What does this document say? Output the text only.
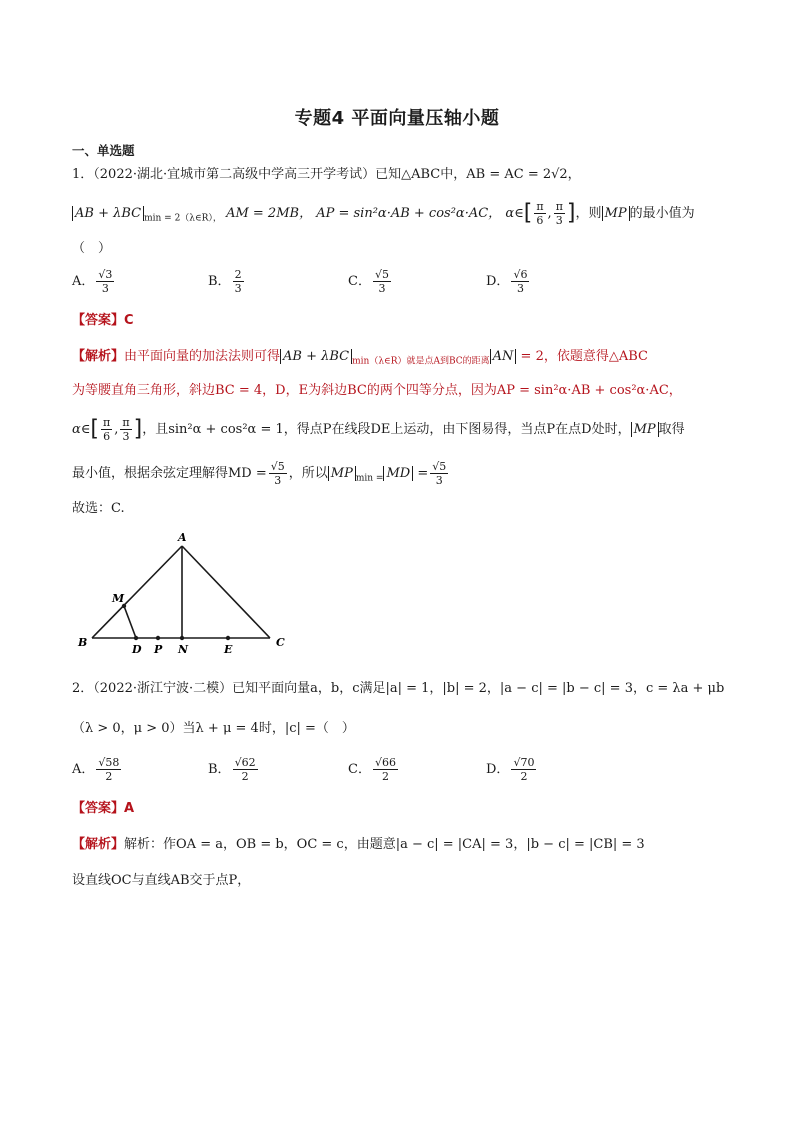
专题4 平面向量压轴小题
一、单选题
1．（2022·湖北·宜城市第二高级中学高三开学考试）已知△ABC中，AB = AC = 2√2，
AB + λBC $_{min = 2(\lambda\in R),}$ AM = 2MB， AP = sin²α·AB + cos²α·AC， α∈[ $\frac{\pi}{6}$ , $\frac{\pi}{3}$ ]，则 MP 的最小值为
（　）
A． $\frac{√3}{3}$	B． $\frac{2}{3}$	C． $\frac{√5}{3}$	D． $\frac{√6}{3}$
【答案】C
【解析】由平面向量的加法法则可得 AB + λBC $_{min(\lambda\in R)就是点A到BC的距离}$ AN = 2，依题意得△ABC
为等腰直角三角形，斜边BC = 4，D，E为斜边BC的两个四等分点，因为AP = sin²α·AB + cos²α·AC，
α∈[ $\frac{\pi}{6}$ , $\frac{\pi}{3}$ ]，且sin²α + cos²α = 1，得点P在线段DE上运动，由下图易得，当点P在点D处时， MP 取得
最小值，根据余弦定理解得MD = $\frac{√5}{3}$ ，所以 MP $_{min =}$ MD = $\frac{√5}{3}$
故选：C.
A
M
B
D P N	E
C
2．（2022·浙江宁波·二模）已知平面向量a，b，c满足|a| = 1，|b| = 2，|a − c| = |b − c| = 3，c = λa + μb
（λ > 0，μ > 0）当λ + μ = 4时，|c| =（　）
A． $\frac{√58}{2}$	B． $\frac{√62}{2}$	C． $\frac{√66}{2}$	D． $\frac{√70}{2}$
【答案】A
【解析】解析：作OA = a，OB = b，OC = c，由题意|a − c| = |CA| = 3，|b − c| = |CB| = 3
设直线OC与直线AB交于点P，
